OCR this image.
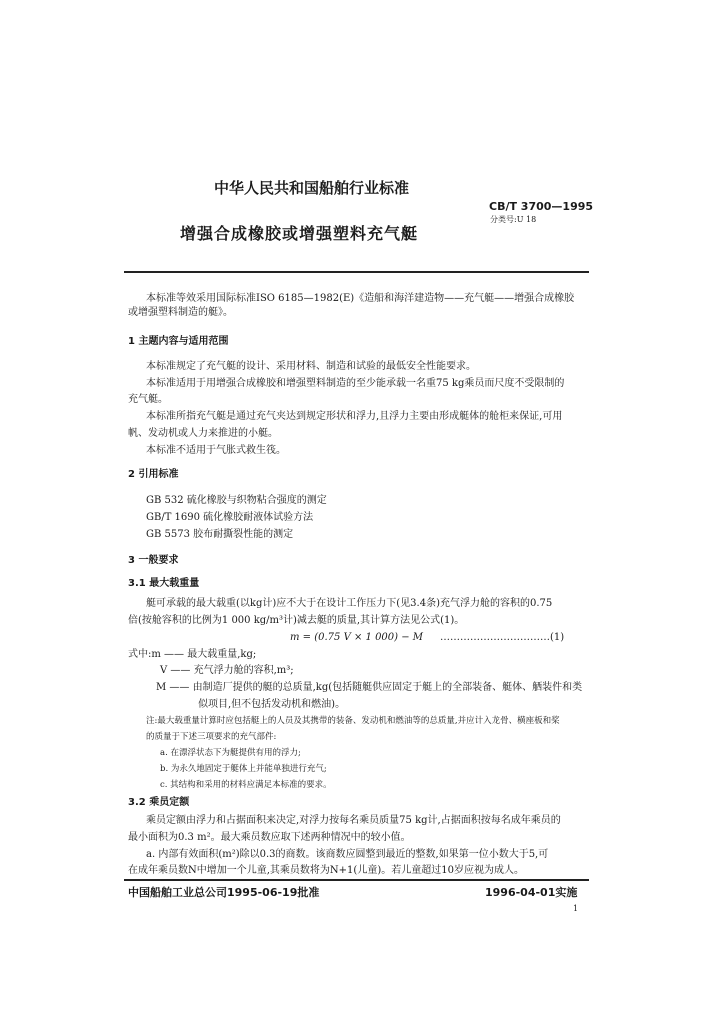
中华人民共和国船舶行业标准
CB/T 3700—1995
分类号:U 18
增强合成橡胶或增强塑料充气艇
本标准等效采用国际标准ISO 6185—1982(E)《造船和海洋建造物——充气艇——增强合成橡胶
或增强塑料制造的艇》。
1 主题内容与适用范围
本标准规定了充气艇的设计、采用材料、制造和试验的最低安全性能要求。
本标准适用于用增强合成橡胶和增强塑料制造的至少能承载一名重75 kg乘员而尺度不受限制的
充气艇。
本标准所指充气艇是通过充气夹达到规定形状和浮力,且浮力主要由形成艇体的舱柜来保证,可用
帆、发动机或人力来推进的小艇。
本标准不适用于气胀式救生筏。
2 引用标准
GB 532 硫化橡胶与织物粘合强度的测定
GB/T 1690 硫化橡胶耐液体试验方法
GB 5573 胶布耐撕裂性能的测定
3 一般要求
3.1 最大载重量
艇可承载的最大载重(以kg计)应不大于在设计工作压力下(见3.4条)充气浮力舱的容积的0.75
倍(按舱容积的比例为1 000 kg/m³计)减去艇的质量,其计算方法见公式(1)。
m = (0.75 V × 1 000) − M ……………………………(1)
式中:m —— 最大载重量,kg;
V —— 充气浮力舱的容积,m³;
M —— 由制造厂提供的艇的总质量,kg(包括随艇供应固定于艇上的全部装备、艇体、舾装件和类
似项目,但不包括发动机和燃油)。
注:最大载重量计算时应包括艇上的人员及其携带的装备、发动机和燃油等的总质量,并应计入龙骨、横座板和桨
的质量于下述三项要求的充气部件:
a. 在漂浮状态下为艇提供有用的浮力;
b. 为永久地固定于艇体上并能单独进行充气;
c. 其结构和采用的材料应满足本标准的要求。
3.2 乘员定额
乘员定额由浮力和占据面积来决定,对浮力按每名乘员质量75 kg计,占据面积按每名成年乘员的
最小面积为0.3 m²。最大乘员数应取下述两种情况中的较小值。
a. 内部有效面积(m²)除以0.3的商数。该商数应圆整到最近的整数,如果第一位小数大于5,可
在成年乘员数N中增加一个儿童,其乘员数将为N+1(儿童)。若儿童超过10岁应视为成人。
中国船舶工业总公司1995-06-19批准	1996-04-01实施
1
